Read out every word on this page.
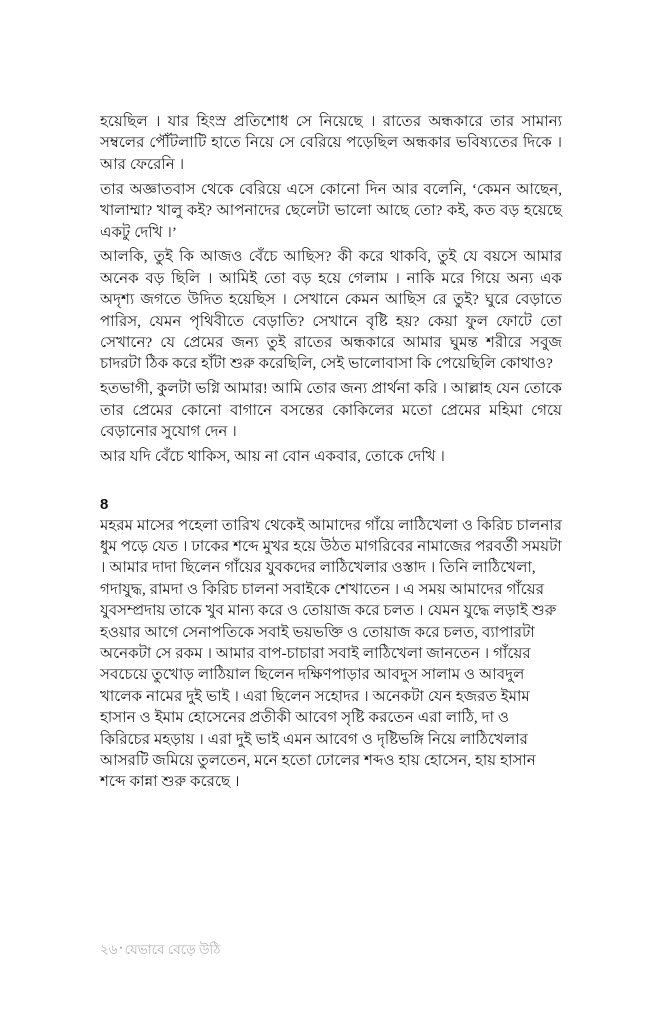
হয়েছিল । যার হিংস্র প্রতিশোধ সে নিয়েছে । রাতের অন্ধকারে তার সামান্য সম্বলের পৌঁটলাটি হাতে নিয়ে সে বেরিয়ে পড়েছিল অন্ধকার ভবিষ্যতের দিকে । আর ফেরেনি ।

তার অজ্ঞাতবাস থেকে বেরিয়ে এসে কোনো দিন আর বলেনি, ‘কেমন আছেন, খালাম্মা? খালু কই? আপনাদের ছেলেটা ভালো আছে তো? কই, কত বড় হয়েছে একটু দেখি ।’

আলকি, তুই কি আজও বেঁচে আছিস? কী করে থাকবি, তুই যে বয়সে আমার অনেক বড় ছিলি । আমিই তো বড় হয়ে গেলাম । নাকি মরে গিয়ে অন্য এক অদৃশ্য জগতে উদিত হয়েছিস । সেখানে কেমন আছিস রে তুই? ঘুরে বেড়াতে পারিস, যেমন পৃথিবীতে বেড়াতি? সেখানে বৃষ্টি হয়? কেয়া ফুল ফোটে তো সেখানে? যে প্রেমের জন্য তুই রাতের অন্ধকারে আমার ঘুমন্ত শরীরে সবুজ চাদরটা ঠিক করে হাঁটা শুরু করেছিলি, সেই ভালোবাসা কি পেয়েছিলি কোথাও?

হতভাগী, কুলটা ভগ্নি আমার! আমি তোর জন্য প্রার্থনা করি । আল্লাহ যেন তোকে তার প্রেমের কোনো বাগানে বসন্তের কোকিলের মতো প্রেমের মহিমা গেয়ে বেড়ানোর সুযোগ দেন ।

আর যদি বেঁচে থাকিস, আয় না বোন একবার, তোকে দেখি ।

8

মহরম মাসের পহেলা তারিখ থেকেই আমাদের গাঁয়ে লাঠিখেলা ও কিরিচ চালনার ধুম পড়ে যেত । ঢাকের শব্দে মুখর হয়ে উঠত মাগরিবের নামাজের পরবর্তী সময়টা । আমার দাদা ছিলেন গাঁয়ের যুবকদের লাঠিখেলার ওস্তাদ । তিনি লাঠিখেলা, গদাযুদ্ধ, রামদা ও কিরিচ চালনা সবাইকে শেখাতেন । এ সময় আমাদের গাঁয়ের যুবসম্প্রদায় তাকে খুব মান্য করে ও তোয়াজ করে চলত । যেমন যুদ্ধে লড়াই শুরু হওয়ার আগে সেনাপতিকে সবাই ভয়ভক্তি ও তোয়াজ করে চলত, ব্যাপারটা অনেকটা সে রকম । আমার বাপ-চাচারা সবাই লাঠিখেলা জানতেন । গাঁয়ের সবচেয়ে তুখোড় লাঠিয়াল ছিলেন দক্ষিণপাড়ার আবদুস সালাম ও আবদুল খালেক নামের দুই ভাই । এরা ছিলেন সহোদর । অনেকটা যেন হজরত ইমাম হাসান ও ইমাম হোসেনের প্রতীকী আবেগ সৃষ্টি করতেন এরা লাঠি, দা ও কিরিচের মহড়ায় । এরা দুই ভাই এমন আবেগ ও দৃষ্টিভঙ্গি নিয়ে লাঠিখেলার আসরটি জমিয়ে তুলতেন, মনে হতো ঢোলের শব্দও হায় হোসেন, হায় হাসান শব্দে কান্না শুরু করেছে ।

২৬ • যেভাবে বেড়ে উঠি
